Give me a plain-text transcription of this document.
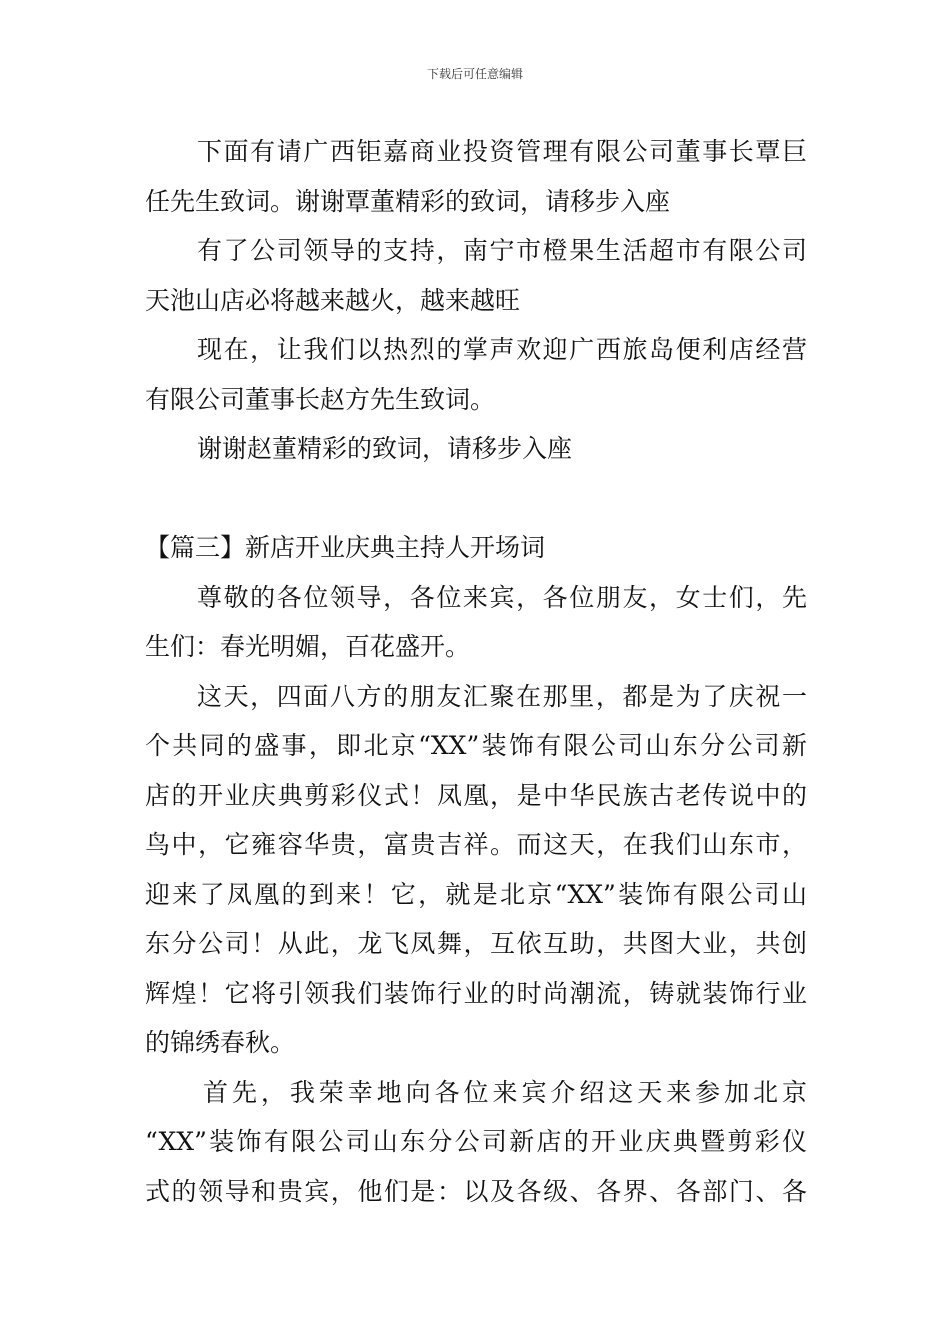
下载后可任意编辑
下面有请广西钜嘉商业投资管理有限公司董事长覃巨
任先生致词。谢谢覃董精彩的致词，请移步入座
有了公司领导的支持，南宁市橙果生活超市有限公司
天池山店必将越来越火，越来越旺
现在，让我们以热烈的掌声欢迎广西旅岛便利店经营
有限公司董事长赵方先生致词。
谢谢赵董精彩的致词，请移步入座
【篇三】新店开业庆典主持人开场词
尊敬的各位领导，各位来宾，各位朋友，女士们，先
生们：春光明媚，百花盛开。
这天，四面八方的朋友汇聚在那里，都是为了庆祝一
个共同的盛事，即北京“XX”装饰有限公司山东分公司新
店的开业庆典剪彩仪式！凤凰，是中华民族古老传说中的
鸟中，它雍容华贵，富贵吉祥。而这天，在我们山东市，
迎来了凤凰的到来！它，就是北京“XX”装饰有限公司山
东分公司！从此，龙飞凤舞，互依互助，共图大业，共创
辉煌！它将引领我们装饰行业的时尚潮流，铸就装饰行业
的锦绣春秋。
首先，我荣幸地向各位来宾介绍这天来参加北京
“XX”装饰有限公司山东分公司新店的开业庆典暨剪彩仪
式的领导和贵宾，他们是：以及各级、各界、各部门、各
